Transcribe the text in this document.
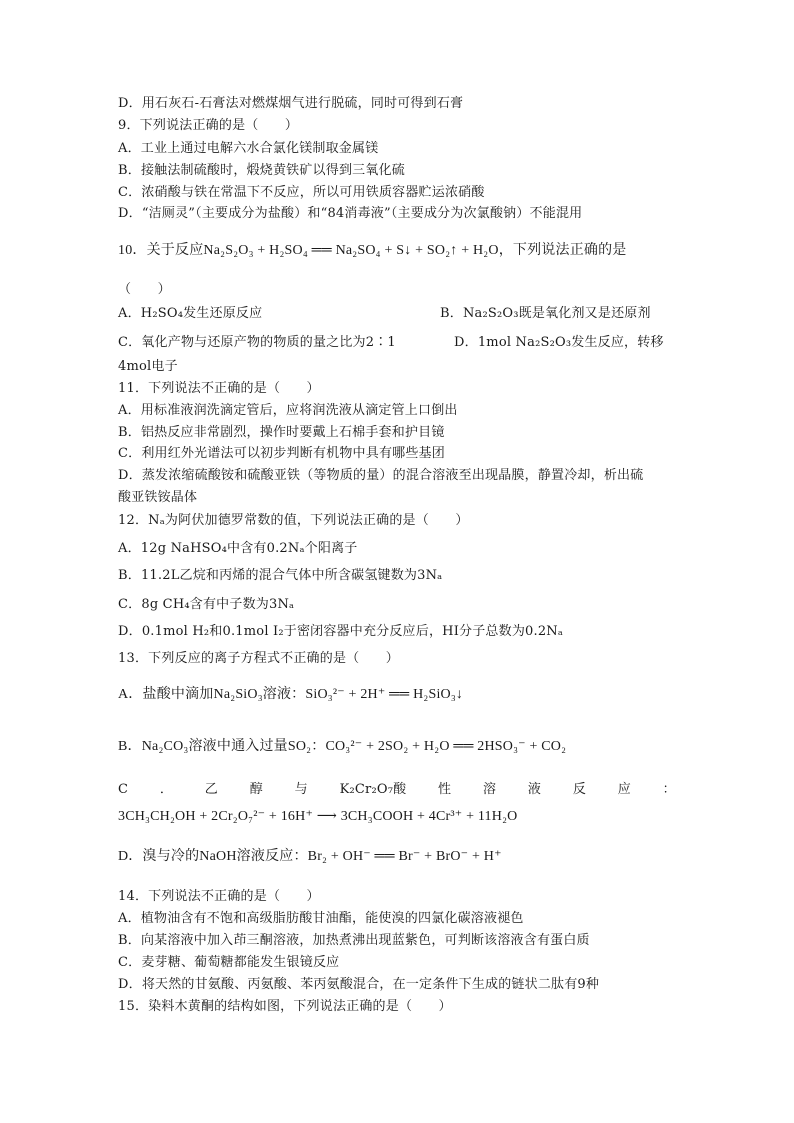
D．用石灰石-石膏法对燃煤烟气进行脱硫，同时可得到石膏
9．下列说法正确的是（　　）
A．工业上通过电解六水合氯化镁制取金属镁
B．接触法制硫酸时，煅烧黄铁矿以得到三氧化硫
C．浓硝酸与铁在常温下不反应，所以可用铁质容器贮运浓硝酸
D．“洁厕灵”（主要成分为盐酸）和“84消毒液”（主要成分为次氯酸钠）不能混用
10．关于反应Na₂S₂O₃ + H₂SO₄ ══ Na₂SO₄ + S↓ + SO₂↑ + H₂O，下列说法正确的是
（　　）
A．H₂SO₄发生还原反应	B．Na₂S₂O₃既是氧化剂又是还原剂
C．氧化产物与还原产物的物质的量之比为2∶1	D．1mol Na₂S₂O₃发生反应，转移
4mol电子
11．下列说法不正确的是（　　）
A．用标准液润洗滴定管后，应将润洗液从滴定管上口倒出
B．铝热反应非常剧烈，操作时要戴上石棉手套和护目镜
C．利用红外光谱法可以初步判断有机物中具有哪些基团
D．蒸发浓缩硫酸铵和硫酸亚铁（等物质的量）的混合溶液至出现晶膜，静置冷却，析出硫
酸亚铁铵晶体
12．Nₐ为阿伏加德罗常数的值，下列说法正确的是（　　）
A．12g NaHSO₄中含有0.2Nₐ个阳离子
B．11.2L乙烷和丙烯的混合气体中所含碳氢键数为3Nₐ
C．8g CH₄含有中子数为3Nₐ
D．0.1mol H₂和0.1mol I₂于密闭容器中充分反应后，HI分子总数为0.2Nₐ
13．下列反应的离子方程式不正确的是（　　）
A．盐酸中滴加Na₂SiO₃溶液：SiO₃²⁻ + 2H⁺ ══ H₂SiO₃↓
B．Na₂CO₃溶液中通入过量SO₂：CO₃²⁻ + 2SO₂ + H₂O ══ 2HSO₃⁻ + CO₂
C ． 乙 醇 与 K₂Cr₂O₇酸 性 溶 液 反 应 ：
3CH₃CH₂OH + 2Cr₂O₇²⁻ + 16H⁺ ⟶ 3CH₃COOH + 4Cr³⁺ + 11H₂O
D．溴与冷的NaOH溶液反应：Br₂ + OH⁻ ══ Br⁻ + BrO⁻ + H⁺
14．下列说法不正确的是（　　）
A．植物油含有不饱和高级脂肪酸甘油酯，能使溴的四氯化碳溶液褪色
B．向某溶液中加入茚三酮溶液，加热煮沸出现蓝紫色，可判断该溶液含有蛋白质
C．麦芽糖、葡萄糖都能发生银镜反应
D．将天然的甘氨酸、丙氨酸、苯丙氨酸混合，在一定条件下生成的链状二肽有9种
15．染料木黄酮的结构如图，下列说法正确的是（　　）
